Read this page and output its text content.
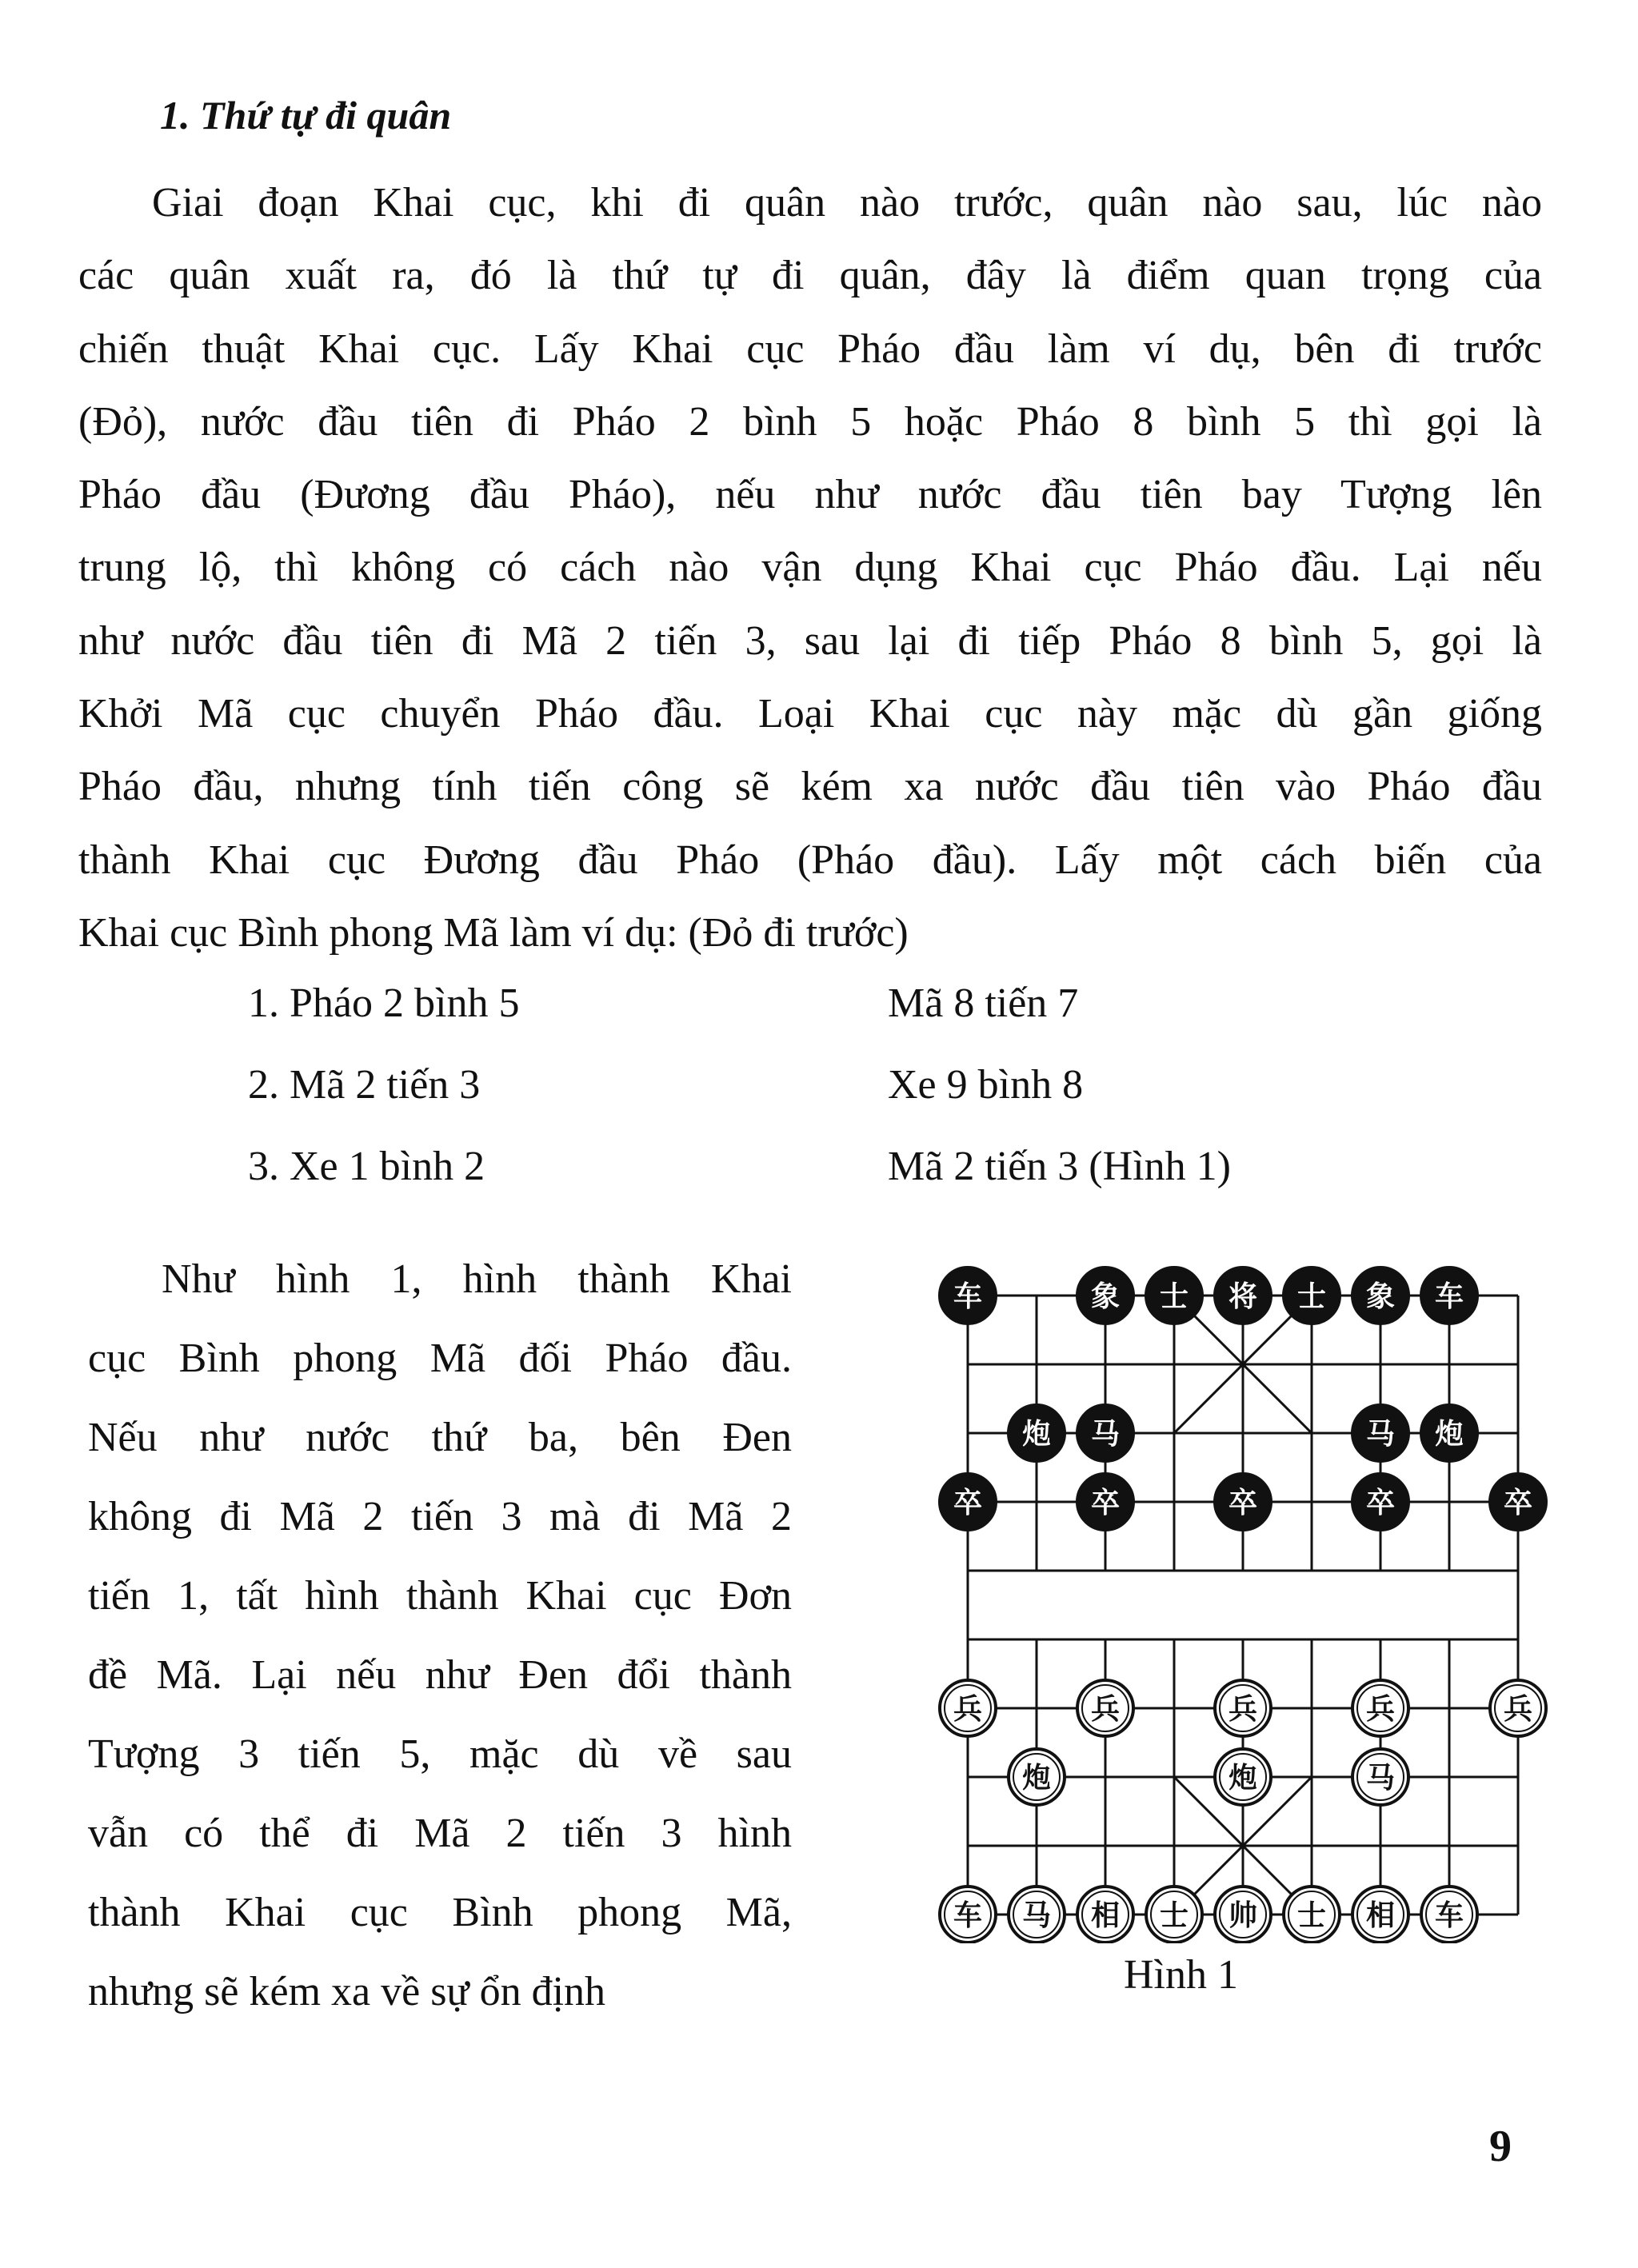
1. Thứ tự đi quân
Giai đoạn Khai cục, khi đi quân nào trước, quân nào sau, lúc nào
các quân xuất ra, đó là thứ tự đi quân, đây là điểm quan trọng của
chiến thuật Khai cục. Lấy Khai cục Pháo đầu làm ví dụ, bên đi trước
(Đỏ), nước đầu tiên đi Pháo 2 bình 5 hoặc Pháo 8 bình 5 thì gọi là
Pháo đầu (Đương đầu Pháo), nếu như nước đầu tiên bay Tượng lên
trung lộ, thì không có cách nào vận dụng Khai cục Pháo đầu. Lại nếu
như nước đầu tiên đi Mã 2 tiến 3, sau lại đi tiếp Pháo 8 bình 5, gọi là
Khởi Mã cục chuyển Pháo đầu. Loại Khai cục này mặc dù gần giống
Pháo đầu, nhưng tính tiến công sẽ kém xa nước đầu tiên vào Pháo đầu
thành Khai cục Đương đầu Pháo (Pháo đầu). Lấy một cách biến của
Khai cục Bình phong Mã làm ví dụ: (Đỏ đi trước)
1. Pháo 2 bình 5	Mã 8 tiến 7
2. Mã 2 tiến 3	Xe 9 bình 8
3. Xe 1 bình 2	Mã 2 tiến 3 (Hình 1)
Như hình 1, hình thành Khai
cục Bình phong Mã đối Pháo đầu.
Nếu như nước thứ ba, bên Đen
không đi Mã 2 tiến 3 mà đi Mã 2
tiến 1, tất hình thành Khai cục Đơn
đề Mã. Lại nếu như Đen đổi thành
Tượng 3 tiến 5, mặc dù về sau
vẫn có thể đi Mã 2 tiến 3 hình
thành Khai cục Bình phong Mã,
nhưng sẽ kém xa về sự ổn định
车	象 士 将 士 象 车
炮 马	马 炮
卒	卒	卒	卒	卒
兵	兵	兵	兵	兵
炮	炮	马
车 马 相 士 帅 士 相 车
Hình 1
9
